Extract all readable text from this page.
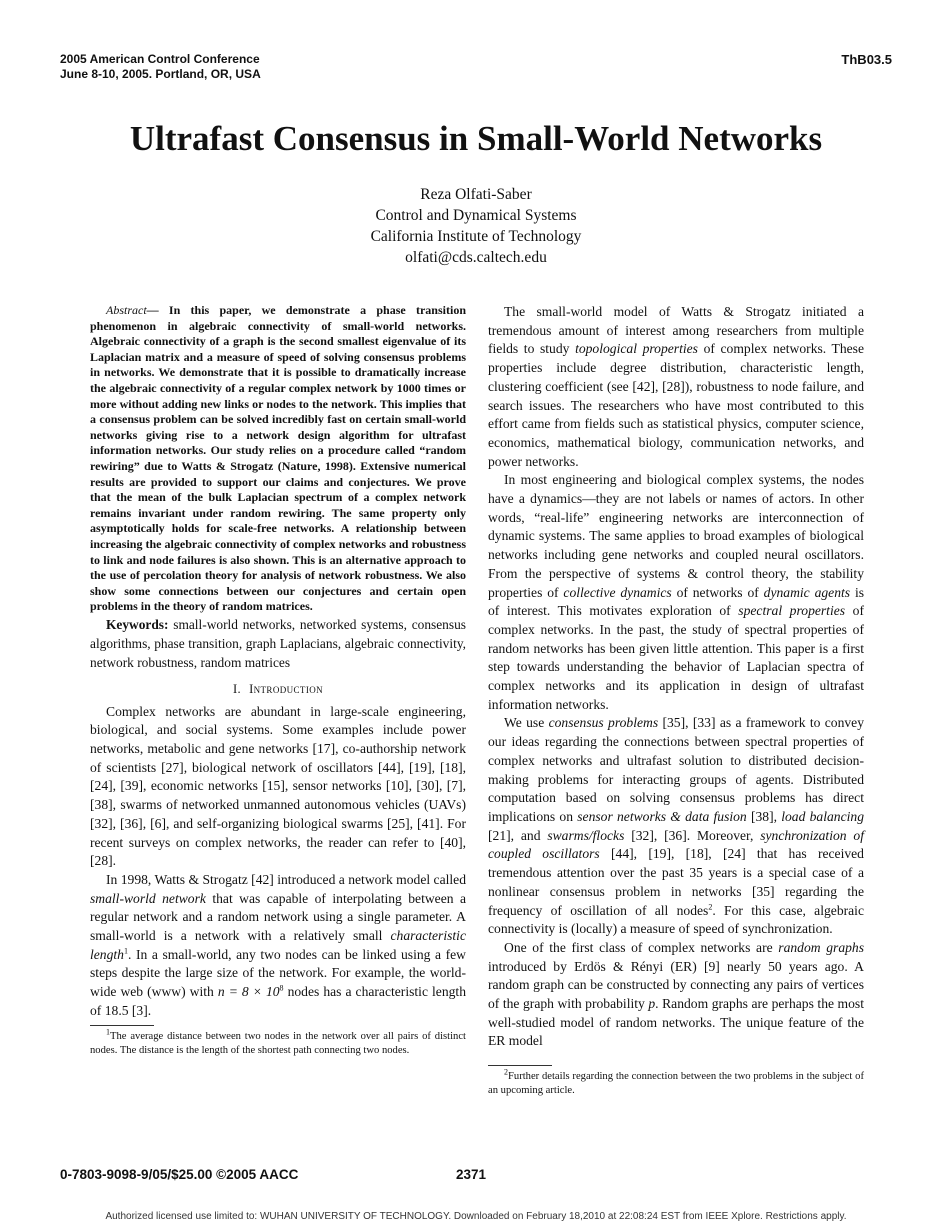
2005 American Control Conference
June 8-10, 2005. Portland, OR, USA
ThB03.5
Ultrafast Consensus in Small-World Networks
Reza Olfati-Saber
Control and Dynamical Systems
California Institute of Technology
olfati@cds.caltech.edu

Abstract— In this paper, we demonstrate a phase transition phenomenon in algebraic connectivity of small-world networks. Algebraic connectivity of a graph is the second smallest eigenvalue of its Laplacian matrix and a measure of speed of solving consensus problems in networks. We demonstrate that it is possible to dramatically increase the algebraic connectivity of a regular complex network by 1000 times or more without adding new links or nodes to the network. This implies that a consensus problem can be solved incredibly fast on certain small-world networks giving rise to a network design algorithm for ultrafast information networks. Our study relies on a procedure called “random rewiring” due to Watts & Strogatz (Nature, 1998). Extensive numerical results are provided to support our claims and conjectures. We prove that the mean of the bulk Laplacian spectrum of a complex network remains invariant under random rewiring. The same property only asymptotically holds for scale-free networks. A relationship between increasing the algebraic connectivity of complex networks and robustness to link and node failures is also shown. This is an alternative approach to the use of percolation theory for analysis of network robustness. We also show some connections between our conjectures and certain open problems in the theory of random matrices.

Keywords: small-world networks, networked systems, consensus algorithms, phase transition, graph Laplacians, algebraic connectivity, network robustness, random matrices

I. Introduction

Complex networks are abundant in large-scale engineering, biological, and social systems. Some examples include power networks, metabolic and gene networks [17], co-authorship network of scientists [27], biological network of oscillators [44], [19], [18], [24], [39], economic networks [15], sensor networks [10], [30], [7], [38], swarms of networked unmanned autonomous vehicles (UAVs) [32], [36], [6], and self-organizing biological swarms [25], [41]. For recent surveys on complex networks, the reader can refer to [40], [28].

In 1998, Watts & Strogatz [42] introduced a network model called small-world network that was capable of interpolating between a regular network and a random network using a single parameter. A small-world is a network with a relatively small characteristic length$^1$. In a small-world, any two nodes can be linked using a few steps despite the large size of the network. For example, the world-wide web (www) with $n = 8 \times 10^8$ nodes has a characteristic length of 18.5 [3].

$^1$The average distance between two nodes in the network over all pairs of distinct nodes. The distance is the length of the shortest path connecting two nodes.

The small-world model of Watts & Strogatz initiated a tremendous amount of interest among researchers from multiple fields to study topological properties of complex networks. These properties include degree distribution, characteristic length, clustering coefficient (see [42], [28]), robustness to node failure, and search issues. The researchers who have most contributed to this effort came from fields such as statistical physics, computer science, economics, mathematical biology, communication networks, and power networks.

In most engineering and biological complex systems, the nodes have a dynamics—they are not labels or names of actors. In other words, “real-life” engineering networks are interconnection of dynamic systems. The same applies to broad examples of biological networks including gene networks and coupled neural oscillators. From the perspective of systems & control theory, the stability properties of collective dynamics of networks of dynamic agents is of interest. This motivates exploration of spectral properties of complex networks. In the past, the study of spectral properties of random networks has been given little attention. This paper is a first step towards understanding the behavior of Laplacian spectra of complex networks and its application in design of ultrafast information networks.

We use consensus problems [35], [33] as a framework to convey our ideas regarding the connections between spectral properties of complex networks and ultrafast solution to distributed decision-making problems for interacting groups of agents. Distributed computation based on solving consensus problems has direct implications on sensor networks & data fusion [38], load balancing [21], and swarms/flocks [32], [36]. Moreover, synchronization of coupled oscillators [44], [19], [18], [24] that has received tremendous attention over the past 35 years is a special case of a nonlinear consensus problem in networks [35] regarding the frequency of oscillation of all nodes$^2$. For this case, algebraic connectivity is (locally) a measure of speed of synchronization.

One of the first class of complex networks are random graphs introduced by Erdös & Rényi (ER) [9] nearly 50 years ago. A random graph can be constructed by connecting any pairs of vertices of the graph with probability p. Random graphs are perhaps the most well-studied model of random networks. The unique feature of the ER model

$^2$Further details regarding the connection between the two problems in the subject of an upcoming article.

0-7803-9098-9/05/$25.00 ©2005 AACC	2371
Authorized licensed use limited to: WUHAN UNIVERSITY OF TECHNOLOGY. Downloaded on February 18,2010 at 22:08:24 EST from IEEE Xplore. Restrictions apply.
